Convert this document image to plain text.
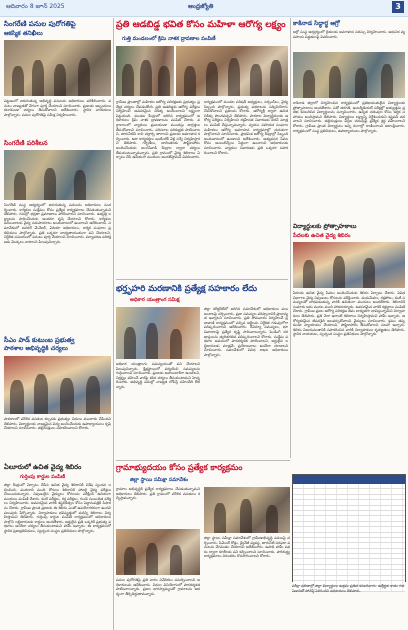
ఆదివారం 8 జూన్ 2025	ఆంధ్రజ్యోతి	3
సింగరేణి పనుల పురోగతిపై
ఆకస్మిక తనిఖీలు
పట్టణంలో జరుగుతున్న అభివృద్ధి పనులను అధికారులు పరిశీలించారు. పనులు నాణ్యతతో వేగంగా పూర్తి చేయాలని సూచించారు. ప్రజలకు ఇబ్బందులు కలగకుండా చర్యలు తీసుకోవాలని ఆదేశించారు. స్థానిక నాయకులు పాల్గొన్నారు. పనుల పురోగతిపై సమీక్ష నిర్వహించారు.
సింగరేణి పరిశీలన
సింగరేణి సంస్థ ఆధ్వర్యంలో జరుగుతున్న పనులను అధికారులు సందర్శించారు. కార్మికుల సంక్షేమం కోసం ప్రత్యేక కార్యక్రమాలు చేపడుతున్నామని తెలిపారు. గనుల్లో భద్రతా ప్రమాణాలు పాటించాలని సూచించారు. ఉత్పత్తి లక్ష్యాలను సాధించేందుకు అందరూ కృషి చేయాలని కోరారు. కార్మికుల కుటుంబాలకు వైద్య సదుపాయాలు అందుబాటులో ఉంచాలని ఆదేశించారు. సమావేశంలో జనరల్ మేనేజర్, ఏరియా అధికారులు, కార్మిక సంఘాల ప్రతినిధులు పాల్గొన్నారు. ప్రతి ఒక్కరూ బాధ్యతాయుతంగా పని చేయాలని, నిర్దేశిత సమయంలో పనులు పూర్తి చేయాలని సూచించారు. పర్యావరణ పరిరక్షణకు మొక్కలు నాటాలని పిలుపునిచ్చారు.
సీఎం పాడ్ కుటుంబ ప్రభుత్వ
పాఠశాల అభివృద్ధికి చర్యలు
పాఠశాలలో మౌలిక వసతుల కల్పనకు ప్రభుత్వం నిధులు మంజూరు చేసిందని తెలిపారు. విద్యార్థులకు నాణ్యమైన విద్య అందించేందుకు ఉపాధ్యాయులు కృషి చేయాలని సూచించారు. తల్లిదండ్రులు సహకరించాలని కోరారు.
ఏలూరులో ఉచిత వైద్య శిబిరం
గుర్తింపు కార్డుల పంపిణీ
జిల్లా కేంద్రంలో ఏర్పాటు చేసిన ఉచిత వైద్య శిబిరానికి విశేష స్పందన లభించింది. వందలాది మంది రోగులు శిబిరానికి హాజరై వైద్య పరీక్షలు చేయించుకున్నారు. నిపుణులైన వైద్యులు రోగులను పరీక్షించి ఉచితంగా మందులు పంపిణీ చేశారు. కంటి పరీక్షలు, రక్త పరీక్షలు, గుండె సంబంధిత పరీక్షలు నిర్వహించారు. అవసరమైన వారికి శస్త్రచికిత్సల కోసం పెద్దాసుపత్రికి సిఫారసు చేశారు. గ్రామీణ ప్రాంత ప్రజలకు ఈ శిబిరం ఎంతో ఉపయోగకరంగా ఉందని పలువురు పేర్కొన్నారు. నిర్వాహకులు భవిష్యత్తులో మరిన్ని శిబిరాలు నిర్వహిస్తామని తెలిపారు. గుర్తింపు కార్డుల పంపిణీ కార్యక్రమంలో అధికారులు పాల్గొని లబ్ధిదారులకు కార్డులు అందజేశారు. అర్హులైన ప్రతి ఒక్కరికీ ప్రభుత్వ పథకాలు అందేలా చర్యలు తీసుకుంటామని హామీ ఇచ్చారు. ఈ కార్యక్రమంలో స్థానిక ప్రజాప్రతినిధులు, స్వచ్ఛంద సంస్థల ప్రతినిధులు పాల్గొన్నారు.
ప్రతి ఆడబిడ్డ భవిత కోసం మహిళా ఆరోగ్య లక్ష్యం
గుత్తి మండలంలో క్రిమి నాశక ద్రావణాల పంపిణీ
గ్రామీణ ప్రాంతాల్లో మహిళల ఆరోగ్య పరిరక్షణకు ప్రభుత్వం ప్రత్యేక చర్యలు చేపడుతోంది. ప్రతి ఆడబిడ్డకు ఆరోగ్య పరీక్షలు నిర్వహించి అవసరమైన చికిత్స అందించాలని లక్ష్యంగా పెట్టుకుంది. మండల కేంద్రంలో జరిగిన కార్యక్రమంలో అధికారులు క్రిమి నాశక ద్రావణాలను పంపిణీ చేశారు. వర్షాకాలంలో వ్యాధులు ప్రబలకుండా ముందస్తు జాగ్రత్తలు తీసుకోవాలని సూచించారు. పరిసరాల పరిశుభ్రత పాటించాలని, తాగునీటిని కాచి చల్లార్చి తాగాలని ప్రజలకు అవగాహన కల్పించారు. ఆశా కార్యకర్తలు ఇంటింటికీ వెళ్లి సర్వే నిర్వహిస్తారని తెలిపారు. గర్భిణీలు, బాలింతలకు పౌష్టికాహారం అందించేందుకు అంగన్‌వాడీ కేంద్రాల ద్వారా చర్యలు తీసుకుంటున్నామన్నారు. ప్రతి గ్రామంలో వైద్య శిబిరాలు ఏర్పాటు చేసి ఉచితంగా మందులు అందజేస్తామని వివరించారు.
కార్యక్రమంలో మండల పరిషత్ అధ్యక్షులు, సర్పంచ్‌లు, వైద్య సిబ్బంది పాల్గొన్నారు. ప్రభుత్వ పథకాలను సద్వినియోగం చేసుకోవాలని ప్రజలను కోరారు. ఆరోగ్యశ్రీ ద్వారా ఉచిత చికిత్స పొందవచ్చని తెలిపారు. పాఠశాల విద్యార్థినులకు ఆరోగ్య పరీక్షలు నిర్వహించి రక్తహీనత నివారణకు ఐరన్ మాత్రలు పంపిణీ చేస్తున్నామన్నారు. స్వయం సహాయక సంఘాల మహిళలు ఆరోగ్య అవగాహన కార్యక్రమాల్లో చురుకుగా పాల్గొనాలని సూచించారు. ప్రాథమిక ఆరోగ్య కేంద్రాల్లో సిబ్బంది అందుబాటులో ఉండాలని ఆదేశించారు. అత్యవసర సేవల కోసం అంబులెన్స్‌లు సిద్ధంగా ఉంచాలని అధికారులకు సూచించారు. వ్యాధుల నివారణకు ప్రతి ఒక్కరూ సహకరించాలని కోరారు.
భర్తృహరి మరణానికి ప్రత్యేక్ష సహకారం లేదు
అధికార యంత్రాంగ సమీక్ష
జిల్లా కలెక్టరేట్‌లో జరిగిన సమావేశంలో అధికారులు పలు అంశాలపై చర్చించారు. ప్రజా సమస్యల పరిష్కారానికి ప్రాధాన్యత ఇవ్వాలని సూచించారు. ప్రతి సోమవారం నిర్వహించే ప్రజావాణి కార్యక్రమంలో వచ్చిన అర్జీలను నిర్దేశిత గడువులోగా పరిష్కరించాలని ఆదేశించారు. రెవెన్యూ సమస్యలు, భూ వివాదాలపై ప్రత్యేక దృష్టి సారించాలన్నారు. పెండింగ్ దరఖాస్తులను త్వరితగతిన పరిష్కరించాలని కోరారు. సంక్షేమ పథకాల అమలులో పారదర్శకత పాటించాలని, అర్హులైన లబ్ధిదారులకు మాత్రమే ప్రయోజనాలు అందేలా చూడాలని సూచించారు. సమావేశంలో వివిధ శాఖల అధికారులు పాల్గొన్నారు.
అధికార యంత్రాంగం సమన్వయంతో పని చేయాలని పిలుపునిచ్చారు. క్షేత్రస్థాయిలో పర్యటించి సమస్యలను గుర్తించాలని సూచించారు. ప్రజలకు జవాబుదారీగా ఉండాలని, నిర్లక్ష్యం వహించే వారిపై కఠిన చర్యలు తీసుకుంటామని హెచ్చరించారు. అభివృద్ధి పనుల్లో నాణ్యత లోపిస్తే సహించేది లేదన్నారు.
కాకినాడ సిద్ధార్థ ఆగ్రో
ఆగ్రో సంస్థ ఆధ్వర్యంలో రైతులకు అవగాహన సదస్సు నిర్వహించారు. ఆధునిక వ్యవసాయ పద్ధతులపై వివరించారు.
కాకినాడ జిల్లాలో నిర్వహించిన కార్యక్రమంలో ప్రతిభావంతులైన విద్యార్థులకు ప్రోత్సాహకాలు అందజేశారు. పదో తరగతి, ఇంటర్మీడియట్ పరీక్షల్లో అత్యుత్తమ ప్రతిభ కనబరిచిన విద్యార్థులను సన్మానించారు. ఉన్నత చదువుల కోసం ఆర్థిక సహాయం అందిస్తామని తెలిపారు. విద్యార్థులు లక్ష్యాన్ని నిర్దేశించుకుని కష్టపడి చదవాలని సూచించారు. తల్లిదండ్రులు పిల్లల చదువుపై ప్రత్యేక శ్రద్ధ వహించాలని కోరారు. గ్రామీణ ప్రాంత విద్యార్థులు అన్ని రంగాల్లో రాణించాలని ఆకాంక్షించారు. కార్యక్రమంలో సంస్థ ప్రతినిధులు, ఉపాధ్యాయులు పాల్గొన్నారు.
విద్యార్థులకు ప్రోత్సాహకాలు
పేదలకు ఉచిత వైద్య శిబిరం
పేదలకు ఉచిత వైద్య సేవలు అందించేందుకు శిబిరం ఏర్పాటు చేశారు. వివిధ విభాగాల వైద్య నిపుణులు రోగులను పరీక్షించారు. మధుమేహం, రక్తపోటు, కంటి సమస్యలతో బాధపడుతున్న వారికి ఉచితంగా మందులు అందజేశారు. శిబిరానికి సుమారు ఐదు వందల మంది హాజరయ్యారు. అవసరమైన వారికి కళ్లద్దాలు పంపిణీ చేశారు. గ్రామీణ ప్రజల ఆరోగ్య పరిరక్షణ తమ బాధ్యతగా భావిస్తున్నామని నిర్వాహకులు తెలిపారు. ప్రతి నెలా ఇలాంటి శిబిరాలు నిర్వహిస్తామని హామీ ఇచ్చారు. ఆరోగ్యకరమైన జీవనశైలి అలవర్చుకోవాలని వైద్యులు సూచించారు. క్రమం తప్పకుండా వ్యాయామం చేయాలని, పౌష్టికాహారం తీసుకోవాలని సలహా ఇచ్చారు. శిబిరం విజయవంతానికి సహకరించిన వారికి నిర్వాహకులు కృతజ్ఞతలు తెలిపారు. స్థానిక నాయకులు, స్వచ్ఛంద సంస్థల ప్రతినిధులు పాల్గొన్నారు.
గ్రామాభ్యుదయం కోసం ప్రత్యేక కార్యక్రమం
జిల్లా స్థాయి సమీక్షా సమావేశం
గ్రామాల అభివృద్ధికి ప్రత్యేక కార్యక్రమాలు చేపడుతున్నామని అధికారులు తెలిపారు. ప్రతి గ్రామంలో మౌలిక వసతులు కల్పిస్తామన్నారు.
జిల్లా స్థాయి సమీక్షా సమావేశంలో గ్రామీణాభివృద్ధి పనులపై చర్చించారు. సిమెంట్ రోడ్లు, డ్రైనేజీ వ్యవస్థ, తాగునీటి సరఫరా పనులను వేగవంతం చేయాలని ఆదేశించారు. ఉపాధి హామీ పథకం ద్వారా కూలీలకు పని కల్పించాలని సూచించారు. పారిశుద్ధ్య కార్యక్రమాలు నిరంతరం కొనసాగించాలని కోరారు.
పనుల పురోగతిపై ప్రతి వారం నివేదికలు సమర్పించాలని అధికారులను ఆదేశించారు. నిధుల వినియోగంలో పారదర్శకత పాటించాలన్నారు. ప్రజల భాగస్వామ్యంతో గ్రామాలను ఆదర్శంగా తీర్చిదిద్దుతామన్నారు.
పరీక్షా ఫలితాల్లో జిల్లా విద్యార్థులు ఉత్తమ ప్రతిభ కనబరిచారు. ఉత్తీర్ణత శాతం గత ఏడాదితో పోలిస్తే పెరిగిందని అధికారులు తెలిపారు.
